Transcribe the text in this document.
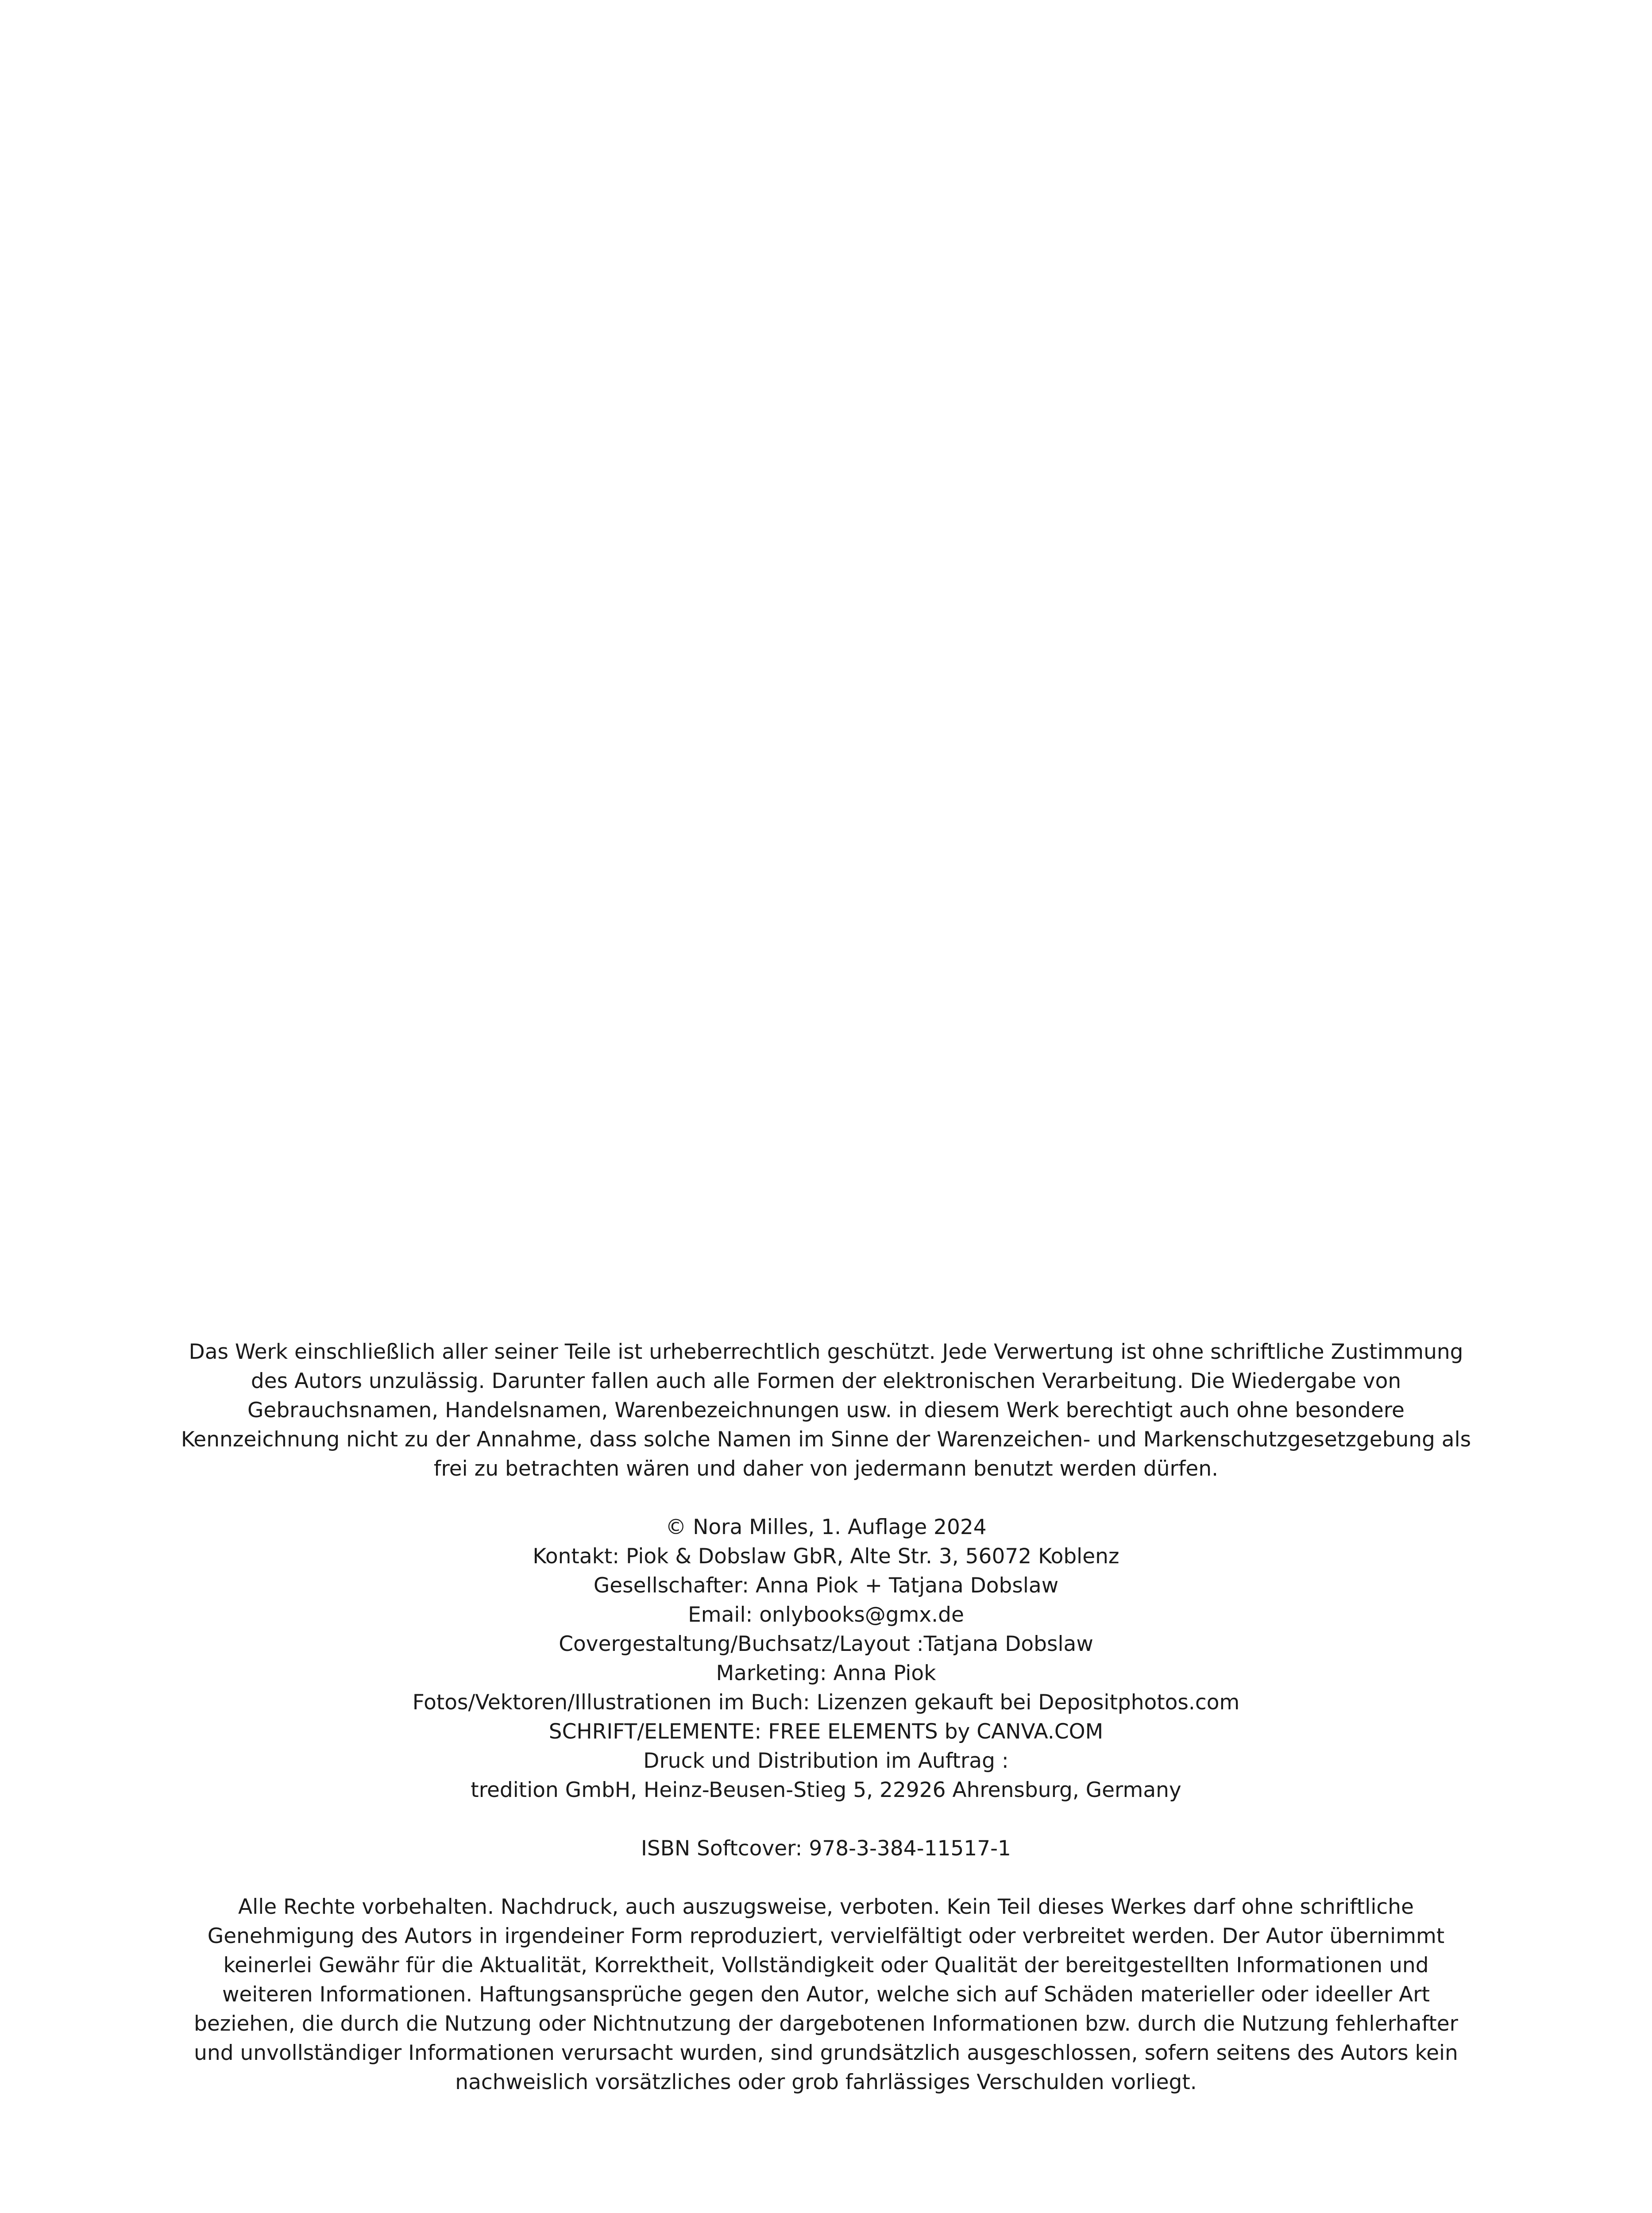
Das Werk einschließlich aller seiner Teile ist urheberrechtlich geschützt. Jede Verwertung ist ohne schriftliche Zustimmung
des Autors unzulässig. Darunter fallen auch alle Formen der elektronischen Verarbeitung. Die Wiedergabe von
Gebrauchsnamen, Handelsnamen, Warenbezeichnungen usw. in diesem Werk berechtigt auch ohne besondere
Kennzeichnung nicht zu der Annahme, dass solche Namen im Sinne der Warenzeichen- und Markenschutzgesetzgebung als
frei zu betrachten wären und daher von jedermann benutzt werden dürfen.
© Nora Milles, 1. Auflage 2024
Kontakt: Piok & Dobslaw GbR, Alte Str. 3, 56072 Koblenz
Gesellschafter: Anna Piok + Tatjana Dobslaw
Email: onlybooks@gmx.de
Covergestaltung/Buchsatz/Layout :Tatjana Dobslaw
Marketing: Anna Piok
Fotos/Vektoren/Illustrationen im Buch: Lizenzen gekauft bei Depositphotos.com
SCHRIFT/ELEMENTE: FREE ELEMENTS by CANVA.COM
Druck und Distribution im Auftrag :
tredition GmbH, Heinz-Beusen-Stieg 5, 22926 Ahrensburg, Germany
ISBN Softcover: 978-3-384-11517-1
Alle Rechte vorbehalten. Nachdruck, auch auszugsweise, verboten. Kein Teil dieses Werkes darf ohne schriftliche
Genehmigung des Autors in irgendeiner Form reproduziert, vervielfältigt oder verbreitet werden. Der Autor übernimmt
keinerlei Gewähr für die Aktualität, Korrektheit, Vollständigkeit oder Qualität der bereitgestellten Informationen und
weiteren Informationen. Haftungsansprüche gegen den Autor, welche sich auf Schäden materieller oder ideeller Art
beziehen, die durch die Nutzung oder Nichtnutzung der dargebotenen Informationen bzw. durch die Nutzung fehlerhafter
und unvollständiger Informationen verursacht wurden, sind grundsätzlich ausgeschlossen, sofern seitens des Autors kein
nachweislich vorsätzliches oder grob fahrlässiges Verschulden vorliegt.
